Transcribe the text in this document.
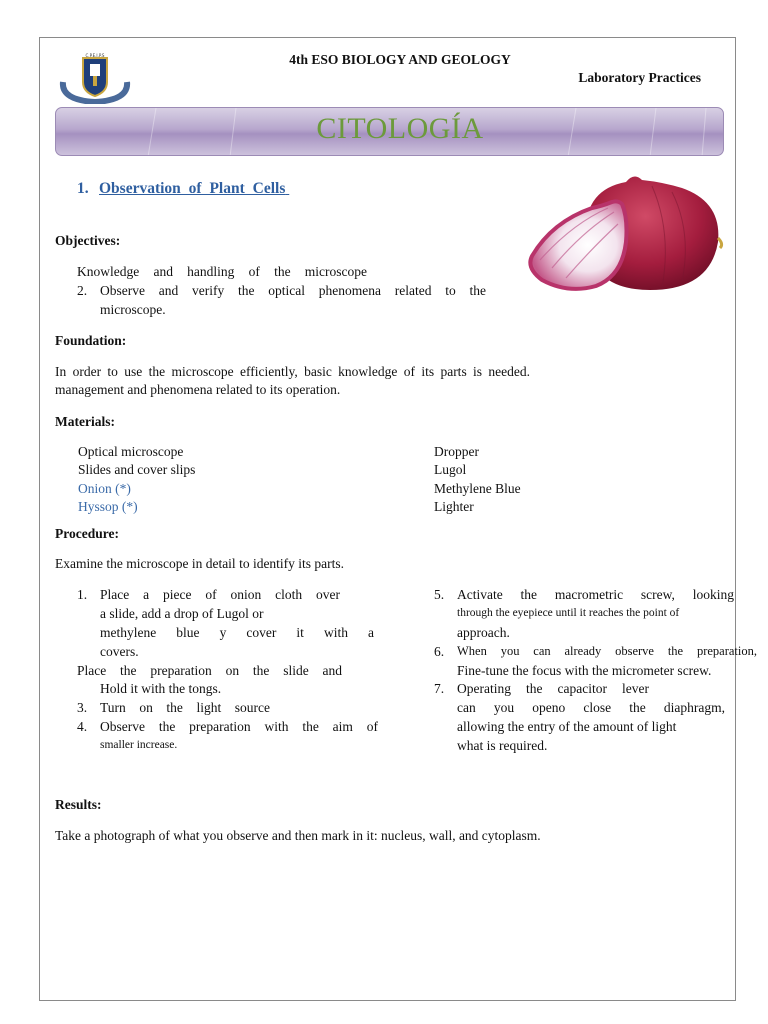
C.P.E.I.P.S	4th ESO BIOLOGY AND GEOLOGY
Laboratory Practices
CITOLOGÍA
1. Observation of Plant Cells
Objectives:
Knowledge and handling of the microscope
2. Observe and verify the optical phenomena related to the
microscope.
Foundation:
In order to use the microscope efficiently, basic knowledge of its parts is needed.
management and phenomena related to its operation.
Materials:
Optical microscope
Slides and cover slips
Onion (*)
Hyssop (*)
Dropper
Lugol
Methylene Blue
Lighter
Procedure:
Examine the microscope in detail to identify its parts.
1. Place a piece of onion cloth over
a slide, add a drop of Lugol or
methylene blue y cover it with a
covers.
Place the preparation on the slide and
Hold it with the tongs.
3. Turn on the light source
4. Observe the preparation with the aim of
smaller increase.
5. Activate the macrometric screw, looking
through the eyepiece until it reaches the point of
approach.
6. When you can already observe the preparation,
Fine-tune the focus with the micrometer screw.
7. Operating the capacitor lever
can you openo close the diaphragm,
allowing the entry of the amount of light
what is required.
Results:
Take a photograph of what you observe and then mark in it: nucleus, wall, and cytoplasm.
